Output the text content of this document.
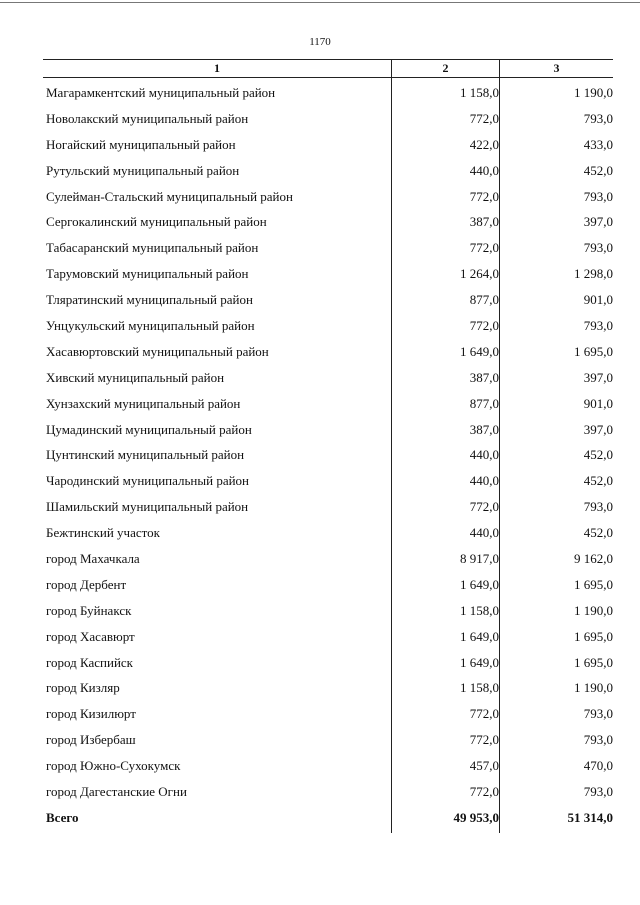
1170
1	2	3
Магарамкентский муниципальный район	1 158,0	1 190,0
Новолакский муниципальный район	772,0	793,0
Ногайский муниципальный район	422,0	433,0
Рутульский муниципальный район	440,0	452,0
Сулейман-Стальский муниципальный район	772,0	793,0
Сергокалинский муниципальный район	387,0	397,0
Табасаранский муниципальный район	772,0	793,0
Тарумовский муниципальный район	1 264,0	1 298,0
Тляратинский муниципальный район	877,0	901,0
Унцукульский муниципальный район	772,0	793,0
Хасавюртовский муниципальный район	1 649,0	1 695,0
Хивский муниципальный район	387,0	397,0
Хунзахский муниципальный район	877,0	901,0
Цумадинский муниципальный район	387,0	397,0
Цунтинский муниципальный район	440,0	452,0
Чародинский муниципальный район	440,0	452,0
Шамильский муниципальный район	772,0	793,0
Бежтинский участок	440,0	452,0
город Махачкала	8 917,0	9 162,0
город Дербент	1 649,0	1 695,0
город Буйнакск	1 158,0	1 190,0
город Хасавюрт	1 649,0	1 695,0
город Каспийск	1 649,0	1 695,0
город Кизляр	1 158,0	1 190,0
город Кизилюрт	772,0	793,0
город Избербаш	772,0	793,0
город Южно-Сухокумск	457,0	470,0
город Дагестанские Огни	772,0	793,0
Всего	49 953,0	51 314,0
